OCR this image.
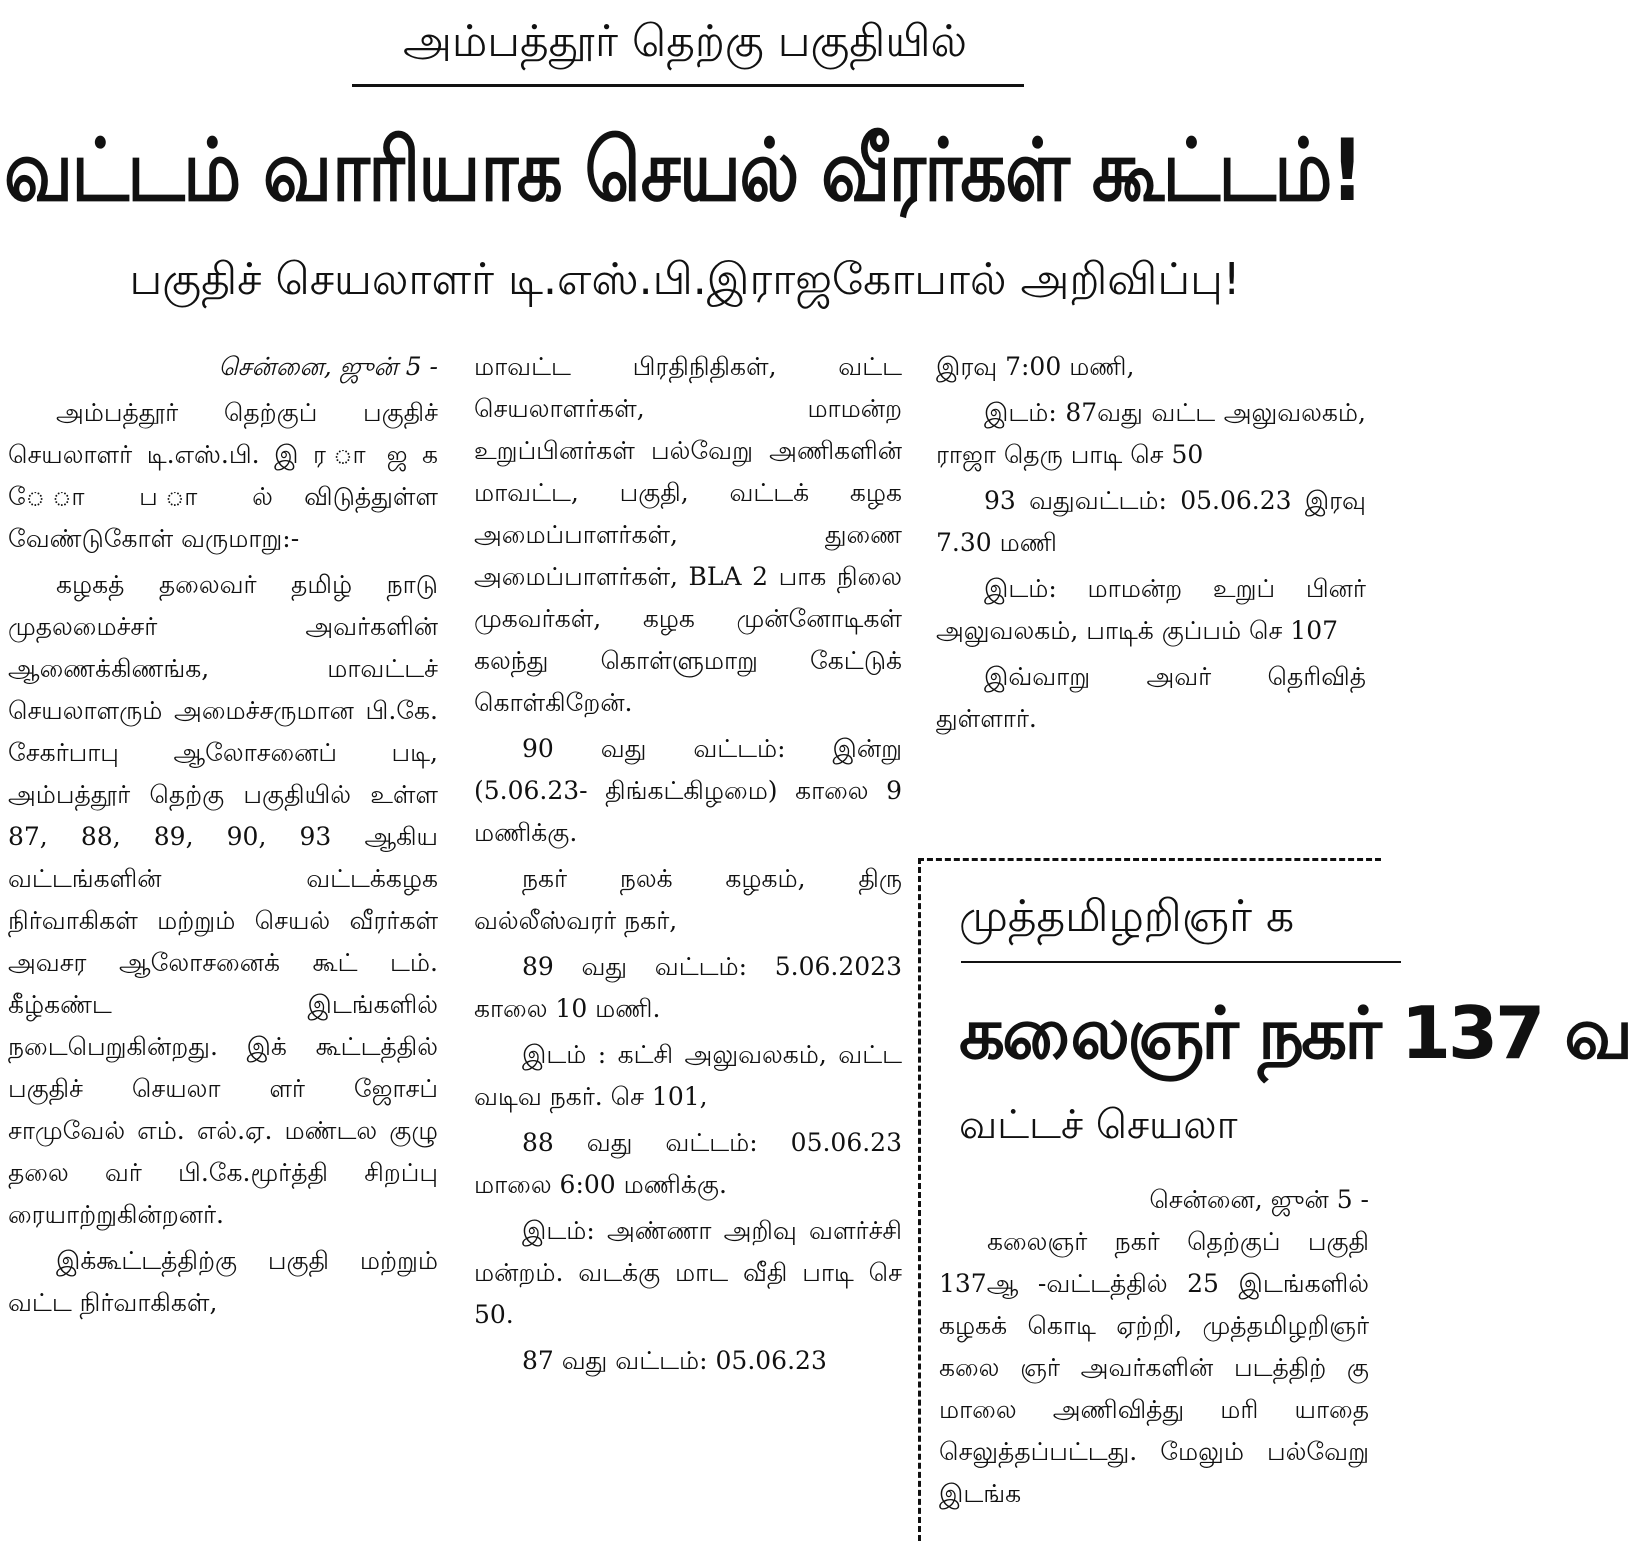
அம்பத்தூர் தெற்கு பகுதியில்
வட்டம் வாரியாக செயல் வீரர்கள் கூட்டம்!
பகுதிச் செயலாளர் டி.எஸ்.பி.இராஜகோபால் அறிவிப்பு!

சென்னை, ஜுன் 5 -

அம்பத்தூர் தெற்குப் பகுதிச் செயலாளர் டி.எஸ்.பி. இ ர ா ஜ க ே ா ப ா ல் விடுத்துள்ள வேண்டுகோள் வருமாறு:-

கழகத் தலைவர் தமிழ் நாடு முதலமைச்சர் அவர்களின் ஆணைக்கிணங்க, மாவட்டச் செயலாளரும் அமைச்சருமான பி.கே. சேகர்பாபு ஆலோசனைப் படி, அம்பத்தூர் தெற்கு பகுதியில் உள்ள 87, 88, 89, 90, 93 ஆகிய வட்டங்களின் வட்டக்கழக நிர்வாகிகள் மற்றும் செயல் வீரர்கள் அவசர ஆலோசனைக் கூட் டம். கீழ்கண்ட இடங்களில் நடைபெறுகின்றது. இக் கூட்டத்தில் பகுதிச் செயலா ளர் ஜோசப் சாமுவேல் எம். எல்.ஏ. மண்டல குழு தலை வர் பி.கே.மூர்த்தி சிறப்பு ரையாற்றுகின்றனர்.

இக்கூட்டத்திற்கு பகுதி மற்றும் வட்ட நிர்வாகிகள்,

மாவட்ட பிரதிநிதிகள், வட்ட செயலாளர்கள், மாமன்ற உறுப்பினர்கள் பல்வேறு அணிகளின் மாவட்ட, பகுதி, வட்டக் கழக அமைப்பாளர்கள், துணை அமைப்பாளர்கள், BLA 2 பாக நிலை முகவர்கள், கழக முன்னோடிகள் கலந்து கொள்ளுமாறு கேட்டுக் கொள்கிறேன்.

90 வது வட்டம்: இன்று (5.06.23- திங்கட்கிழமை) காலை 9 மணிக்கு.

நகர் நலக் கழகம், திரு வல்லீஸ்வரர் நகர்,

89 வது வட்டம்: 5.06.2023 காலை 10 மணி.

இடம் : கட்சி அலுவலகம், வட்ட வடிவ நகர். செ 101,

88 வது வட்டம்: 05.06.23 மாலை 6:00 மணிக்கு.

இடம்: அண்ணா அறிவு வளர்ச்சி மன்றம். வடக்கு மாட வீதி பாடி செ 50.

87 வது வட்டம்: 05.06.23

இரவு 7:00 மணி,

இடம்: 87வது வட்ட அலுவலகம், ராஜா தெரு பாடி செ 50

93 வதுவட்டம்: 05.06.23 இரவு 7.30 மணி

இடம்: மாமன்ற உறுப் பினர் அலுவலகம், பாடிக் குப்பம் செ 107

இவ்வாறு அவர் தெரிவித் துள்ளார்.

முத்தமிழறிஞர் க
கலைஞர் நகர் 137 வ
வட்டச் செயலா

சென்னை, ஜுன் 5 -

கலைஞர் நகர் தெற்குப் பகுதி 137ஆ -வட்டத்தில் 25 இடங்களில் கழகக் கொடி ஏற்றி, முத்தமிழறிஞர் கலை ஞர் அவர்களின் படத்திற் கு மாலை அணிவித்து மரி யாதை செலுத்தப்பட்டது. மேலும் பல்வேறு இடங்க
